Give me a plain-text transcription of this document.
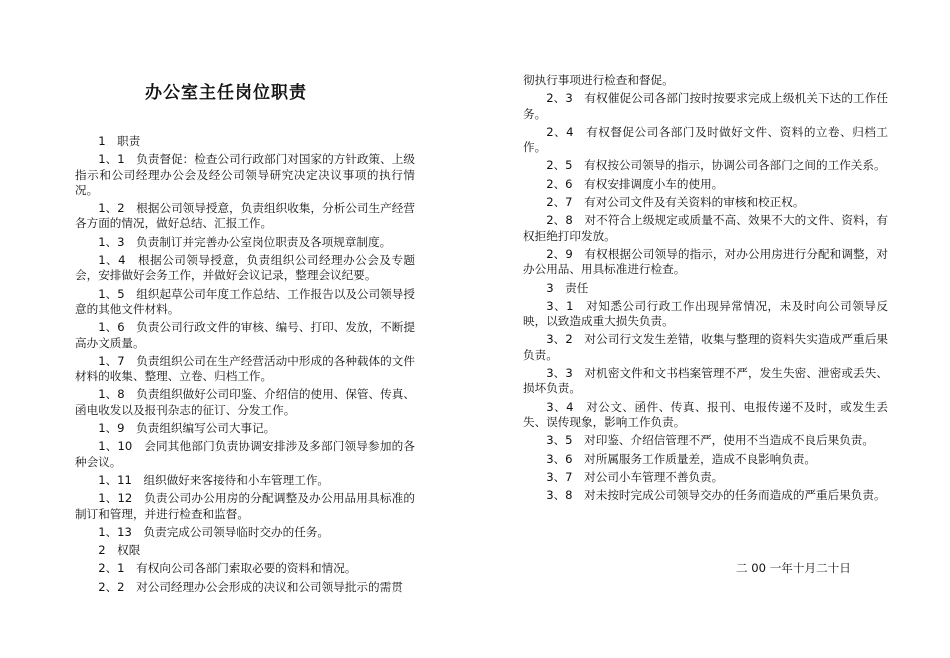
办公室主任岗位职责

1　职责

1、1　负责督促：检查公司行政部门对国家的方针政策、上级指示和公司经理办公会及经公司领导研究决定决议事项的执行情况。

1、2　根据公司领导授意，负责组织收集，分析公司生产经营各方面的情况，做好总结、汇报工作。

1、3　负责制订并完善办公室岗位职责及各项规章制度。

1、4　根据公司领导授意，负责组织公司经理办公会及专题会，安排做好会务工作，并做好会议记录，整理会议纪要。

1、5　组织起草公司年度工作总结、工作报告以及公司领导授意的其他文件材料。

1、6　负责公司行政文件的审核、编号、打印、发放，不断提高办文质量。

1、7　负责组织公司在生产经营活动中形成的各种载体的文件材料的收集、整理、立卷、归档工作。

1、8　负责组织做好公司印鉴、介绍信的使用、保管、传真、函电收发以及报刊杂志的征订、分发工作。

1、9　负责组织编写公司大事记。

1、10　会同其他部门负责协调安排涉及多部门领导参加的各种会议。

1、11　组织做好来客接待和小车管理工作。

1、12　负责公司办公用房的分配调整及办公用品用具标准的制订和管理，并进行检查和监督。

1、13　负责完成公司领导临时交办的任务。

2　权限

2、1　有权向公司各部门索取必要的资料和情况。

2、2　对公司经理办公会形成的决议和公司领导批示的需贯

彻执行事项进行检查和督促。

2、3　有权催促公司各部门按时按要求完成上级机关下达的工作任务。

2、4　有权督促公司各部门及时做好文件、资料的立卷、归档工作。

2、5　有权按公司领导的指示，协调公司各部门之间的工作关系。

2、6　有权安排调度小车的使用。

2、7　有对公司文件及有关资料的审核和校正权。

2、8　对不符合上级规定或质量不高、效果不大的文件、资料，有权拒绝打印发放。

2、9　有权根据公司领导的指示，对办公用房进行分配和调整，对办公用品、用具标准进行检查。

3　责任

3、1　对知悉公司行政工作出现异常情况，未及时向公司领导反映，以致造成重大损失负责。

3、2　对公司行文发生差错，收集与整理的资料失实造成严重后果负责。

3、3　对机密文件和文书档案管理不严，发生失密、泄密或丢失、损坏负责。

3、4　对公文、函件、传真、报刊、电报传递不及时，或发生丢失、误传现象，影响工作负责。

3、5　对印鉴、介绍信管理不严，使用不当造成不良后果负责。

3、6　对所属服务工作质量差，造成不良影响负责。

3、7　对公司小车管理不善负责。

3、8　对未按时完成公司领导交办的任务而造成的严重后果负责。

二 00 一年十月二十日
